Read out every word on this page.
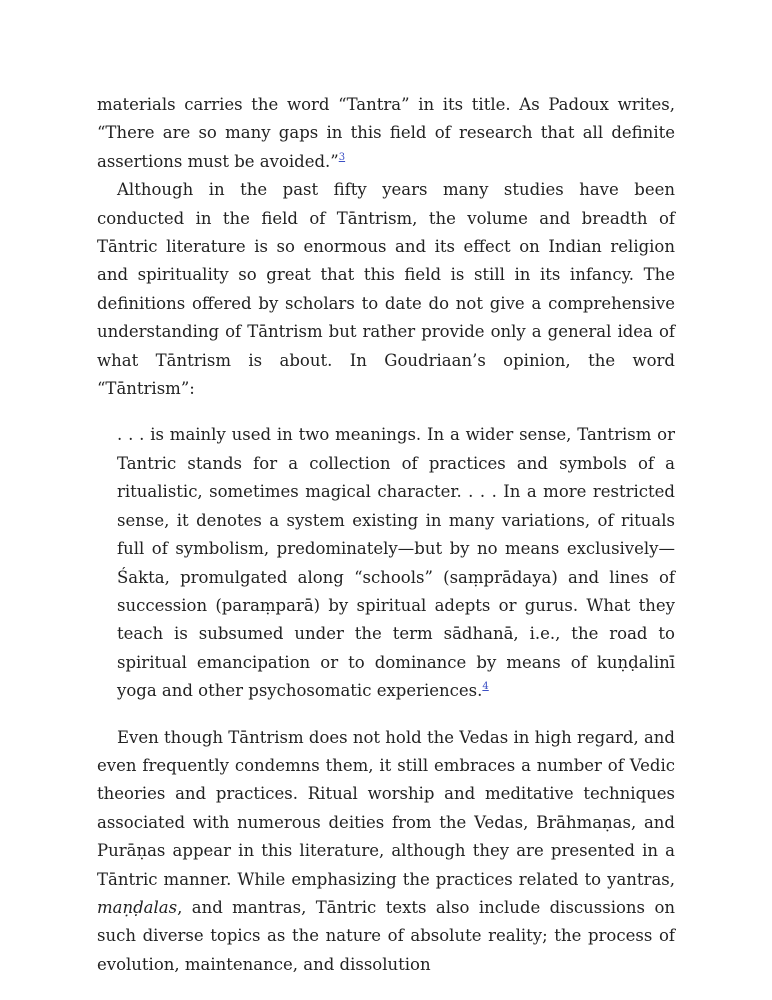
materials carries the word “Tantra” in its title. As Padoux writes, “There are so many gaps in this field of research that all definite assertions must be avoided.”$^3$

Although in the past fifty years many studies have been conducted in the field of Tāntrism, the volume and breadth of Tāntric literature is so enormous and its effect on Indian religion and spirituality so great that this field is still in its infancy. The definitions offered by scholars to date do not give a comprehensive understanding of Tāntrism but rather provide only a general idea of what Tāntrism is about. In Goudriaan’s opinion, the word “Tāntrism”:

. . . is mainly used in two meanings. In a wider sense, Tantrism or Tantric stands for a collection of practices and symbols of a ritualistic, sometimes magical character. . . . In a more restricted sense, it denotes a system existing in many variations, of rituals full of symbolism, predominately—but by no means exclusively—Śakta, promulgated along “schools” (saṃprādaya) and lines of succession (paraṃparā) by spiritual adepts or gurus. What they teach is subsumed under the term sādhanā, i.e., the road to spiritual emancipation or to dominance by means of kuṇḍalinī yoga and other psychosomatic experiences.$^4$

Even though Tāntrism does not hold the Vedas in high regard, and even frequently condemns them, it still embraces a number of Vedic theories and practices. Ritual worship and meditative techniques associated with numerous deities from the Vedas, Brāhmaṇas, and Purāṇas appear in this literature, although they are presented in a Tāntric manner. While emphasizing the practices related to yantras, maṇḍalas, and mantras, Tāntric texts also include discussions on such diverse topics as the nature of absolute reality; the process of evolution, maintenance, and dissolution
